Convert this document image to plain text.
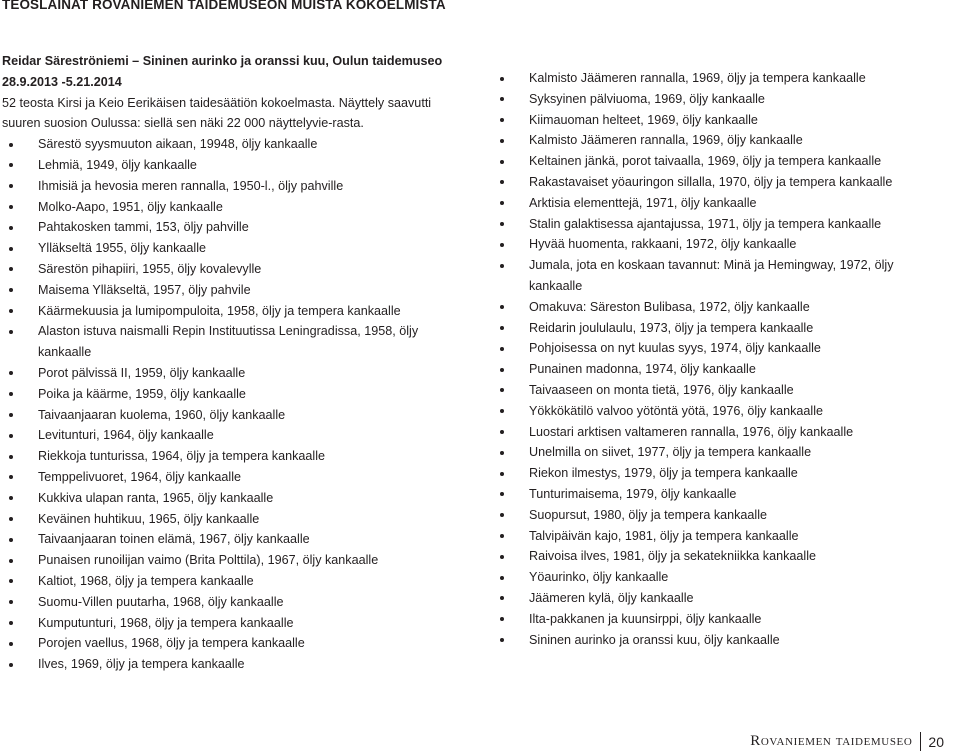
TEOSLAINAT ROVANIEMEN TAIDEMUSEON MUISTA KOKOELMISTA
Reidar Säreströniemi – Sininen aurinko ja oranssi kuu, Oulun taidemuseo
28.9.2013 -5.21.2014

52 teosta Kirsi ja Keio Eerikäisen taidesäätiön kokoelmasta. Näyttely saavutti suuren suosion Oulussa: siellä sen näki 22 000 näyttelyvie-rasta.

Särestö syysmuuton aikaan, 19948, öljy kankaalle
Lehmiä, 1949, öljy kankaalle
Ihmisiä ja hevosia meren rannalla, 1950-l., öljy pahville
Molko-Aapo, 1951, öljy kankaalle
Pahtakosken tammi, 153, öljy pahville
Ylläkseltä 1955, öljy kankaalle
Särestön pihapiiri, 1955, öljy kovalevylle
Maisema Ylläkseltä, 1957, öljy pahvile
Käärmekuusia ja lumipompuloita, 1958, öljy ja tempera kankaalle
Alaston istuva naismalli Repin Instituutissa Leningradissa, 1958, öljy kankaalle
Porot pälvissä II, 1959, öljy kankaalle
Poika ja käärme, 1959, öljy kankaalle
Taivaanjaaran kuolema, 1960, öljy kankaalle
Levitunturi, 1964, öljy kankaalle
Riekkoja tunturissa, 1964, öljy ja tempera kankaalle
Temppelivuoret, 1964, öljy kankaalle
Kukkiva ulapan ranta, 1965, öljy kankaalle
Keväinen huhtikuu, 1965, öljy kankaalle
Taivaanjaaran toinen elämä, 1967, öljy kankaalle
Punaisen runoilijan vaimo (Brita Polttila), 1967, öljy kankaalle
Kaltiot, 1968, öljy ja tempera kankaalle
Suomu-Villen puutarha, 1968, öljy kankaalle
Kumputunturi, 1968, öljy ja tempera kankaalle
Porojen vaellus, 1968, öljy ja tempera kankaalle
Ilves, 1969, öljy ja tempera kankaalle
Kalmisto Jäämeren rannalla, 1969, öljy ja tempera kankaalle
Syksyinen pälviuoma, 1969, öljy kankaalle
Kiimauoman helteet, 1969, öljy kankaalle
Kalmisto Jäämeren rannalla, 1969, öljy kankaalle
Keltainen jänkä, porot taivaalla, 1969, öljy ja tempera kankaalle
Rakastavaiset yöauringon sillalla, 1970, öljy ja tempera kankaalle
Arktisia elementtejä, 1971, öljy kankaalle
Stalin galaktisessa ajantajussa, 1971, öljy ja tempera kankaalle
Hyvää huomenta, rakkaani, 1972, öljy kankaalle
Jumala, jota en koskaan tavannut: Minä ja Hemingway, 1972, öljy kankaalle
Omakuva: Säreston Bulibasa, 1972, öljy kankaalle
Reidarin joululaulu, 1973, öljy ja tempera kankaalle
Pohjoisessa on nyt kuulas syys, 1974, öljy kankaalle
Punainen madonna, 1974, öljy kankaalle
Taivaaseen on monta tietä, 1976, öljy kankaalle
Yökkökätilö valvoo yötöntä yötä, 1976, öljy kankaalle
Luostari arktisen valtameren rannalla, 1976, öljy kankaalle
Unelmilla on siivet, 1977, öljy ja tempera kankaalle
Riekon ilmestys, 1979, öljy ja tempera kankaalle
Tunturimaisema, 1979, öljy kankaalle
Suopursut, 1980, öljy ja tempera kankaalle
Talvipäivän kajo, 1981, öljy ja tempera kankaalle
Raivoisa ilves, 1981, öljy ja sekatekniikka kankaalle
Yöaurinko, öljy kankaalle
Jäämeren kylä, öljy kankaalle
Ilta-pakkanen ja kuunsirppi, öljy kankaalle
Sininen aurinko ja oranssi kuu, öljy kankaalle
Rovaniemen taidemuseo 20
